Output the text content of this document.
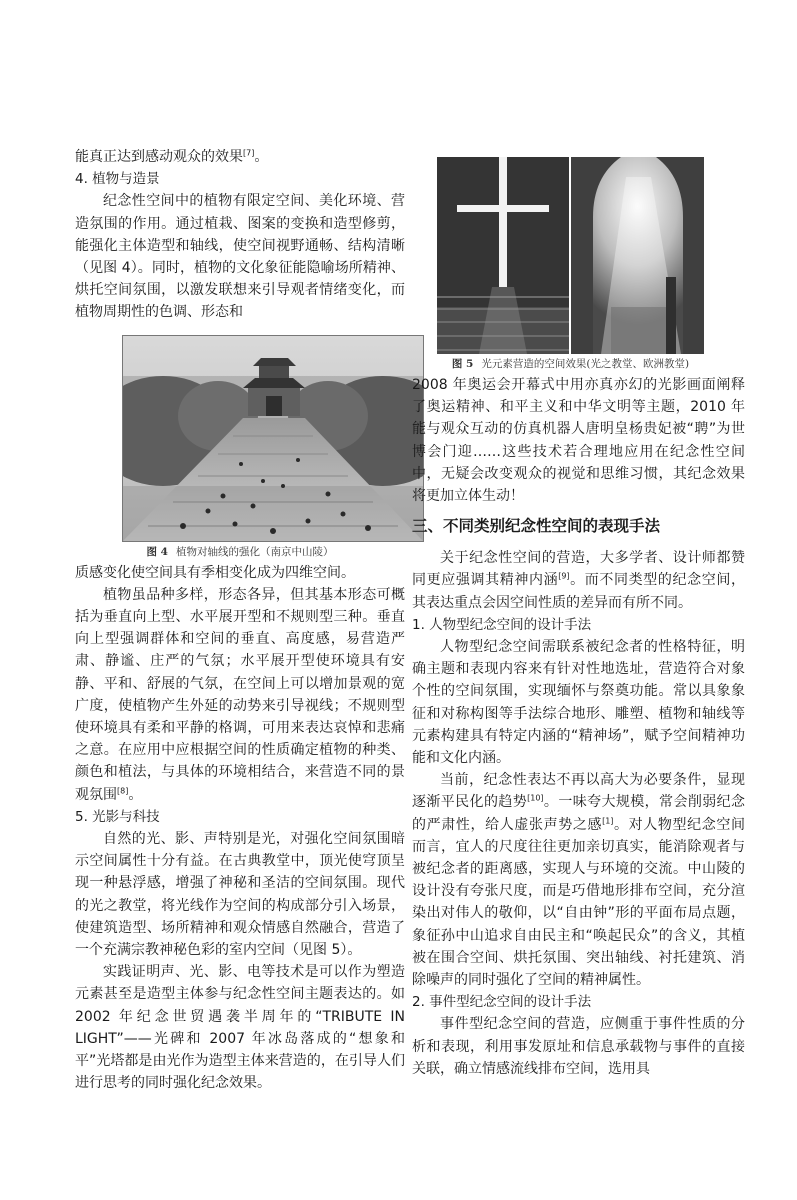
能真正达到感动观众的效果[7]。

4. 植物与造景

纪念性空间中的植物有限定空间、美化环境、营造氛围的作用。通过植栽、图案的变换和造型修剪，能强化主体造型和轴线，使空间视野通畅、结构清晰（见图 4）。同时，植物的文化象征能隐喻场所精神、烘托空间氛围，以激发联想来引导观者情绪变化，而植物周期性的色调、形态和

图 4 植物对轴线的强化（南京中山陵）

质感变化使空间具有季相变化成为四维空间。

植物虽品种多样，形态各异，但其基本形态可概括为垂直向上型、水平展开型和不规则型三种。垂直向上型强调群体和空间的垂直、高度感，易营造严肃、静谧、庄严的气氛；水平展开型使环境具有安静、平和、舒展的气氛，在空间上可以增加景观的宽广度，使植物产生外延的动势来引导视线；不规则型使环境具有柔和平静的格调，可用来表达哀悼和悲痛之意。在应用中应根据空间的性质确定植物的种类、颜色和植法，与具体的环境相结合，来营造不同的景观氛围[8]。

5. 光影与科技

自然的光、影、声特别是光，对强化空间氛围暗示空间属性十分有益。在古典教堂中，顶光使穹顶呈现一种悬浮感，增强了神秘和圣洁的空间氛围。现代的光之教堂，将光线作为空间的构成部分引入场景，使建筑造型、场所精神和观众情感自然融合，营造了一个充满宗教神秘色彩的室内空间（见图 5）。

实践证明声、光、影、电等技术是可以作为塑造元素甚至是造型主体参与纪念性空间主题表达的。如 2002 年纪念世贸遇袭半周年的“TRIBUTE IN LIGHT”——光碑和 2007 年冰岛落成的“想象和平”光塔都是由光作为造型主体来营造的，在引导人们进行思考的同时强化纪念效果。

图 5 光元素营造的空间效果(光之教堂、欧洲教堂)

2008 年奥运会开幕式中用亦真亦幻的光影画面阐释了奥运精神、和平主义和中华文明等主题，2010 年能与观众互动的仿真机器人唐明皇杨贵妃被“聘”为世博会门迎……这些技术若合理地应用在纪念性空间中，无疑会改变观众的视觉和思维习惯，其纪念效果将更加立体生动！

三、不同类别纪念性空间的表现手法

关于纪念性空间的营造，大多学者、设计师都赞同更应强调其精神内涵[9]。而不同类型的纪念空间，其表达重点会因空间性质的差异而有所不同。

1. 人物型纪念空间的设计手法

人物型纪念空间需联系被纪念者的性格特征，明确主题和表现内容来有针对性地选址，营造符合对象个性的空间氛围，实现缅怀与祭奠功能。常以具象象征和对称构图等手法综合地形、雕塑、植物和轴线等元素构建具有特定内涵的“精神场”，赋予空间精神功能和文化内涵。

当前，纪念性表达不再以高大为必要条件，显现逐渐平民化的趋势[10]。一味夸大规模，常会削弱纪念的严肃性，给人虚张声势之感[1]。对人物型纪念空间而言，宜人的尺度往往更加亲切真实，能消除观者与被纪念者的距离感，实现人与环境的交流。中山陵的设计没有夸张尺度，而是巧借地形排布空间，充分渲染出对伟人的敬仰，以“自由钟”形的平面布局点题，象征孙中山追求自由民主和“唤起民众”的含义，其植被在围合空间、烘托氛围、突出轴线、衬托建筑、消除噪声的同时强化了空间的精神属性。

2. 事件型纪念空间的设计手法

事件型纪念空间的营造，应侧重于事件性质的分析和表现，利用事发原址和信息承载物与事件的直接关联，确立情感流线排布空间，选用具
